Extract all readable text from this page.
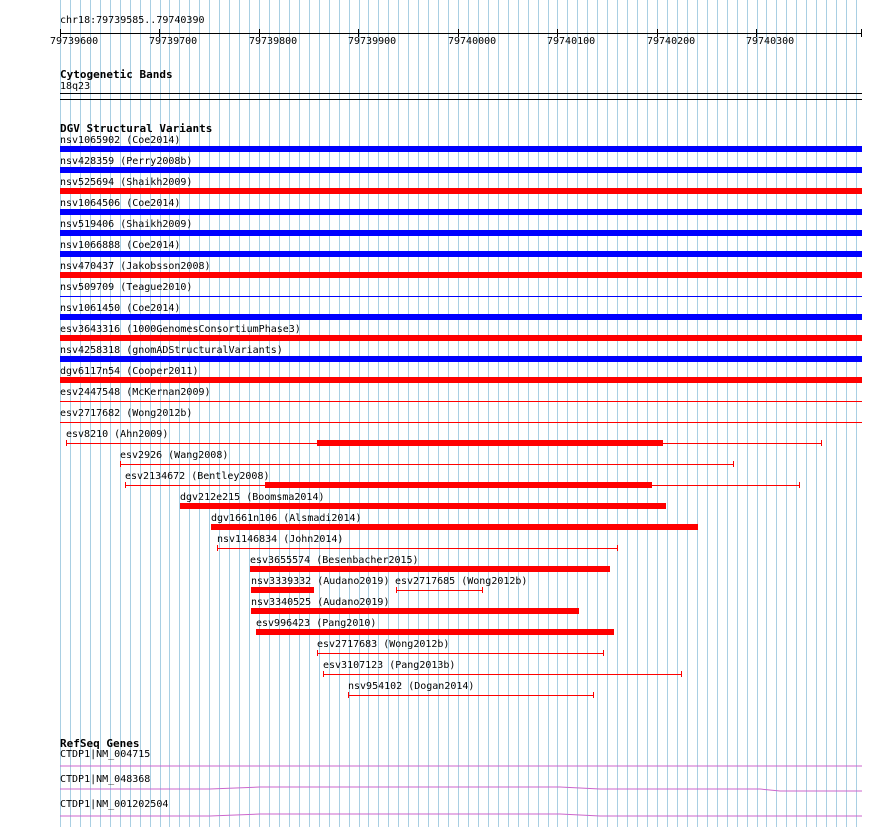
chr18:79739585..79740390
79739600	79739700	79739800	79739900	79740000	79740100	79740200	79740300
Cytogenetic Bands
18q23
DGV Structural Variants
nsv1065902 (Coe2014)
nsv428359 (Perry2008b)
nsv525694 (Shaikh2009)
nsv1064506 (Coe2014)
nsv519406 (Shaikh2009)
nsv1066888 (Coe2014)
nsv470437 (Jakobsson2008)
nsv509709 (Teague2010)
nsv1061450 (Coe2014)
esv3643316 (1000GenomesConsortiumPhase3)
nsv4258318 (gnomADStructuralVariants)
dgv6117n54 (Cooper2011)
esv2447548 (McKernan2009)
esv2717682 (Wong2012b)
esv8210 (Ahn2009)
esv2926 (Wang2008)
esv2134672 (Bentley2008)
dgv212e215 (Boomsma2014)
dgv1661n106 (Alsmadi2014)
nsv1146834 (John2014)
esv3655574 (Besenbacher2015)
nsv3339332 (Audano2019) esv2717685 (Wong2012b)
nsv3340525 (Audano2019)
esv996423 (Pang2010)
esv2717683 (Wong2012b)
esv3107123 (Pang2013b)
nsv954102 (Dogan2014)
RefSeq Genes
CTDP1|NM_004715
CTDP1|NM_048368
CTDP1|NM_001202504
